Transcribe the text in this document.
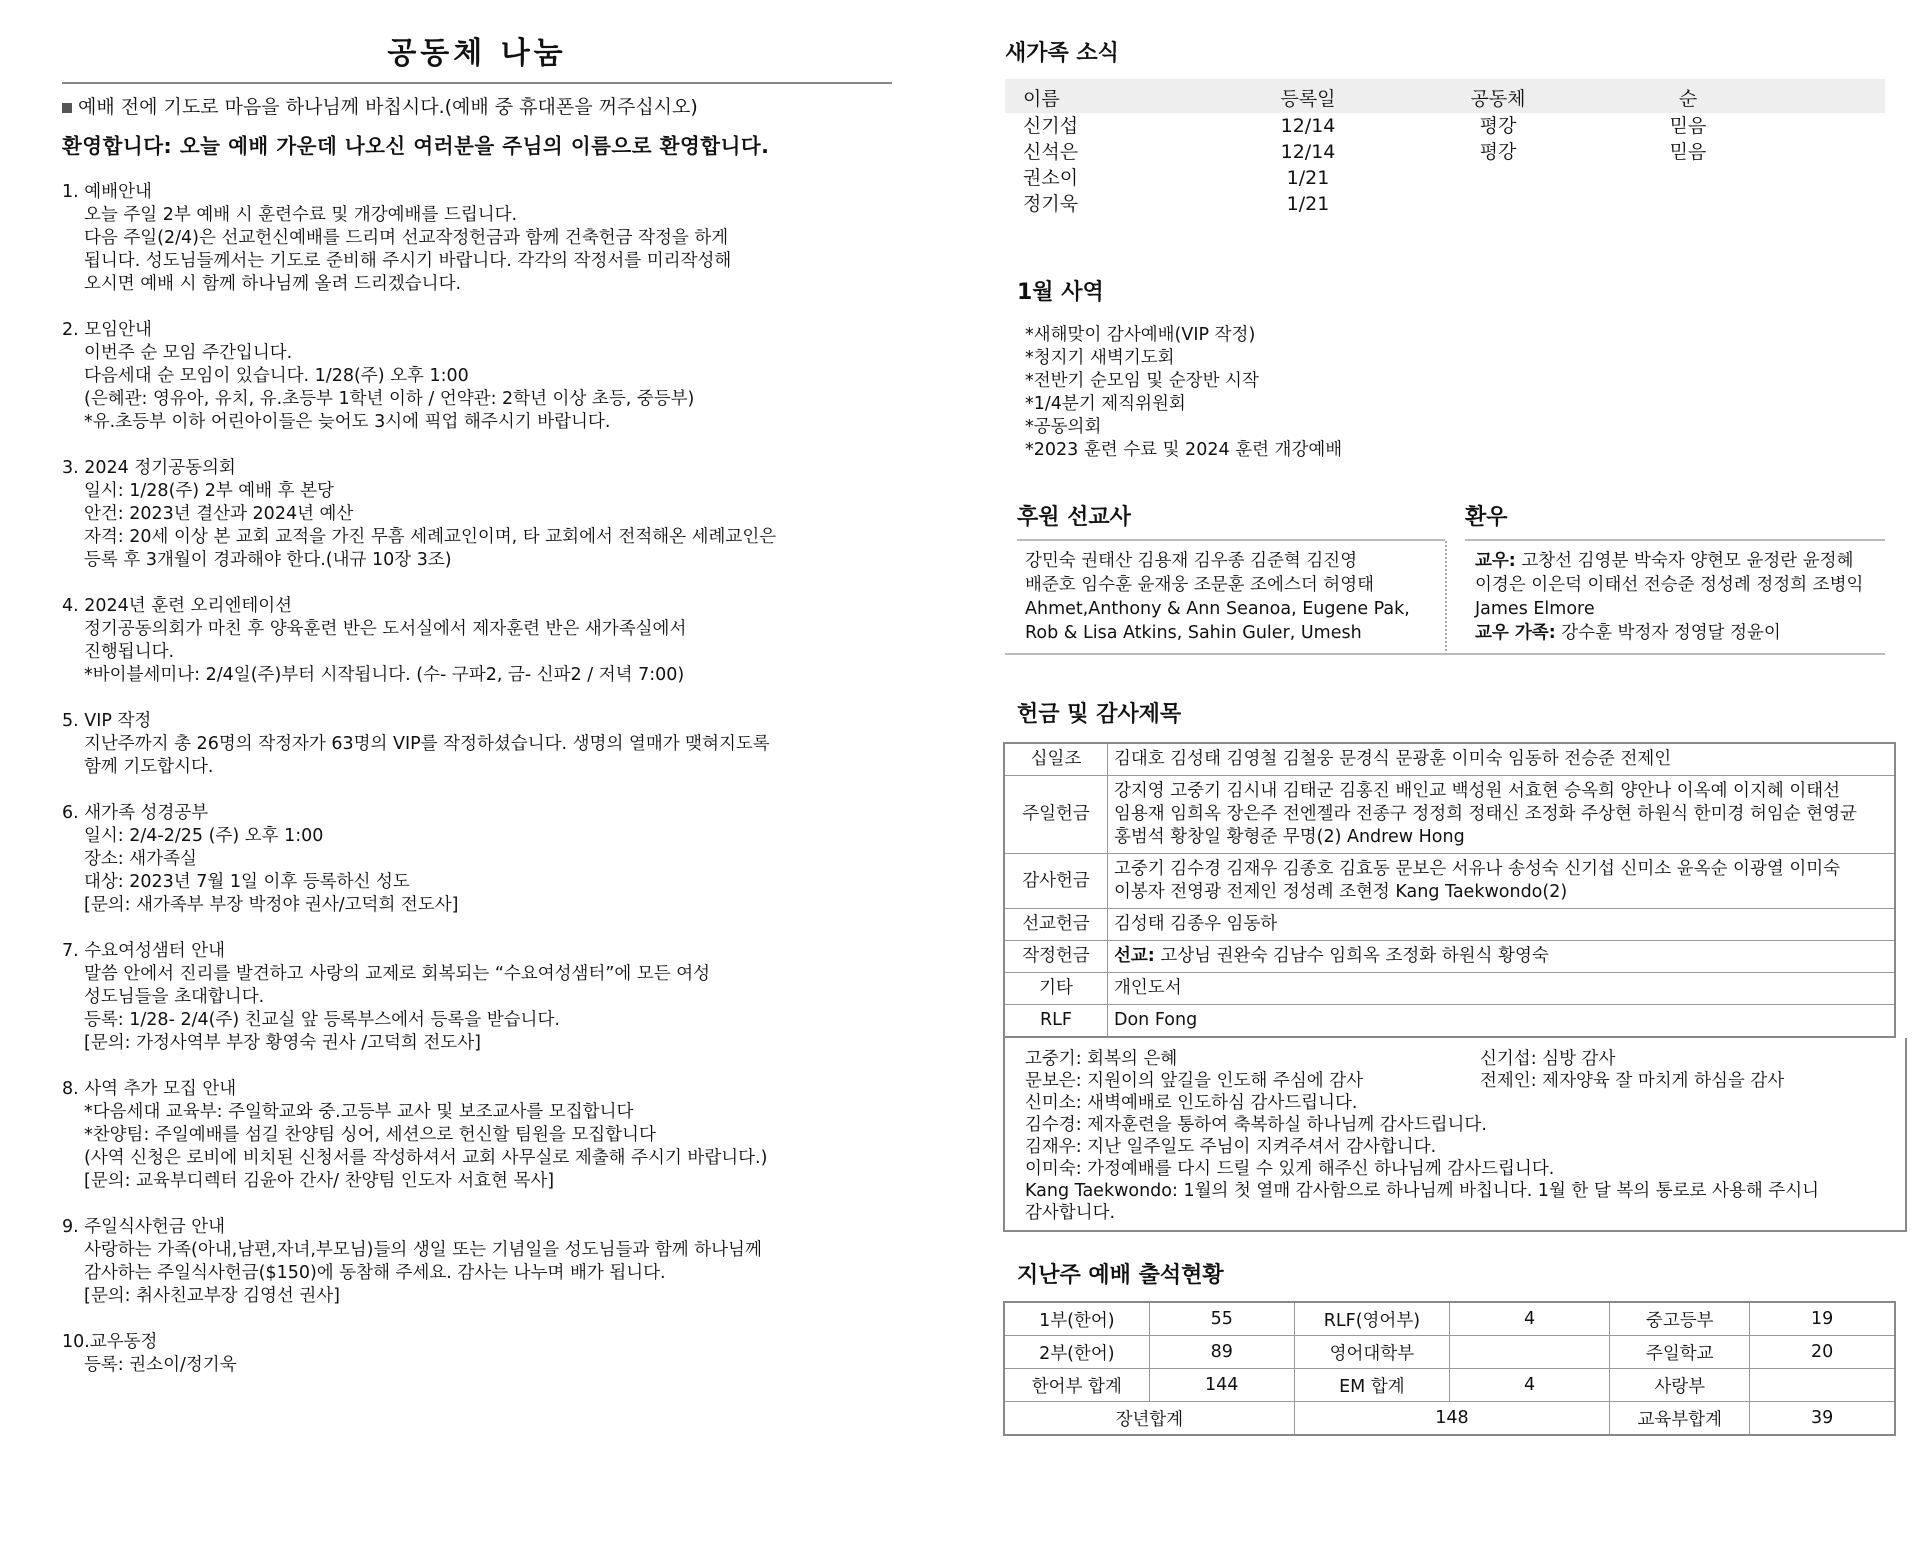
공동체 나눔
예배 전에 기도로 마음을 하나님께 바칩시다.(예배 중 휴대폰을 꺼주십시오)
환영합니다: 오늘 예배 가운데 나오신 여러분을 주님의 이름으로 환영합니다.
1. 예배안내
오늘 주일 2부 예배 시 훈련수료 및 개강예배를 드립니다.
다음 주일(2/4)은 선교헌신예배를 드리며 선교작정헌금과 함께 건축헌금 작정을 하게
됩니다. 성도님들께서는 기도로 준비해 주시기 바랍니다. 각각의 작정서를 미리작성해
오시면 예배 시 함께 하나님께 올려 드리겠습니다.
2. 모임안내
이번주 순 모임 주간입니다.
다음세대 순 모임이 있습니다. 1/28(주) 오후 1:00
(은혜관: 영유아, 유치, 유.초등부 1학년 이하 / 언약관: 2학년 이상 초등, 중등부)
*유.초등부 이하 어린아이들은 늦어도 3시에 픽업 해주시기 바랍니다.
3. 2024 정기공동의회
일시: 1/28(주) 2부 예배 후 본당
안건: 2023년 결산과 2024년 예산
자격: 20세 이상 본 교회 교적을 가진 무흠 세례교인이며, 타 교회에서 전적해온 세례교인은
등록 후 3개월이 경과해야 한다.(내규 10장 3조)
4. 2024년 훈련 오리엔테이션
정기공동의회가 마친 후 양육훈련 반은 도서실에서 제자훈련 반은 새가족실에서
진행됩니다.
*바이블세미나: 2/4일(주)부터 시작됩니다. (수- 구파2, 금- 신파2 / 저녁 7:00)
5. VIP 작정
지난주까지 총 26명의 작정자가 63명의 VIP를 작정하셨습니다. 생명의 열매가 맺혀지도록
함께 기도합시다.
6. 새가족 성경공부
일시: 2/4-2/25 (주) 오후 1:00
장소: 새가족실
대상: 2023년 7월 1일 이후 등록하신 성도
[문의: 새가족부 부장 박정야 권사/고덕희 전도사]
7. 수요여성샘터 안내
말씀 안에서 진리를 발견하고 사랑의 교제로 회복되는 “수요여성샘터”에 모든 여성
성도님들을 초대합니다.
등록: 1/28- 2/4(주) 친교실 앞 등록부스에서 등록을 받습니다.
[문의: 가정사역부 부장 황영숙 권사 /고덕희 전도사]
8. 사역 추가 모집 안내
*다음세대 교육부: 주일학교와 중.고등부 교사 및 보조교사를 모집합니다
*찬양팀: 주일예배를 섬길 찬양팀 싱어, 세션으로 헌신할 팀원을 모집합니다
(사역 신청은 로비에 비치된 신청서를 작성하셔서 교회 사무실로 제출해 주시기 바랍니다.)
[문의: 교육부디렉터 김윤아 간사/ 찬양팀 인도자 서효현 목사]
9. 주일식사헌금 안내
사랑하는 가족(아내,남편,자녀,부모님)들의 생일 또는 기념일을 성도님들과 함께 하나님께
감사하는 주일식사헌금($150)에 동참해 주세요. 감사는 나누며 배가 됩니다.
[문의: 취사친교부장 김영선 권사]
10.교우동정
등록: 권소이/정기욱
새가족 소식
이름	등록일	공동체	순	
신기섭	12/14	평강	믿음	
신석은	12/14	평강	믿음	
권소이	1/21			
정기욱	1/21			
1월 사역
*새해맞이 감사예배(VIP 작정)
*청지기 새벽기도회
*전반기 순모임 및 순장반 시작
*1/4분기 제직위원회
*공동의회
*2023 훈련 수료 및 2024 훈련 개강예배
후원 선교사
강민숙 권태산 김용재 김우종 김준혁 김진영
배준호 임수훈 윤재웅 조문훈 조에스더 허영태
Ahmet,Anthony & Ann Seanoa, Eugene Pak,
Rob & Lisa Atkins, Sahin Guler, Umesh
환우
교우: 고창선 김영분 박숙자 양현모 윤정란 윤정혜
이경은 이은덕 이태선 전승준 정성례 정정희 조병익
James Elmore
교우 가족: 강수훈 박정자 정영달 정윤이
헌금 및 감사제목
십일조	김대호 김성태 김영철 김철웅 문경식 문광훈 이미숙 임동하 전승준 전제인

주일헌금	강지영 고중기 김시내 김태군 김홍진 배인교 백성원 서효현 승옥희 양안나 이옥예 이지혜 이태선
임용재 임희옥 장은주 전엔젤라 전종구 정정희 정태신 조정화 주상현 하원식 한미경 허임순 현영균
홍범석 황창일 황형준 무명(2) Andrew Hong

감사헌금	고중기 김수경 김재우 김종호 김효동 문보은 서유나 송성숙 신기섭 신미소 윤옥순 이광열 이미숙
이봉자 전영광 전제인 정성례 조현정 Kang Taekwondo(2)

선교헌금	김성태 김종우 임동하

작정헌금	선교: 고상님 권완숙 김남수 임희옥 조정화 하원식 황영숙
기타	개인도서

RLF	Don Fong
고중기: 회복의 은혜	신기섭: 심방 감사
문보은: 지원이의 앞길을 인도해 주심에 감사	전제인: 제자양육 잘 마치게 하심을 감사
신미소: 새벽예배로 인도하심 감사드립니다.
김수경: 제자훈련을 통하여 축복하실 하나님께 감사드립니다.
김재우: 지난 일주일도 주님이 지켜주셔서 감사합니다.
이미숙: 가정예배를 다시 드릴 수 있게 해주신 하나님께 감사드립니다.
Kang Taekwondo: 1월의 첫 열매 감사함으로 하나님께 바칩니다. 1월 한 달 복의 통로로 사용해 주시니
감사합니다.
지난주 예배 출석현황
1부(한어)	55	RLF(영어부)	4	중고등부	19
2부(한어)	89	영어대학부		주일학교	20
한어부 합계	144	EM 합계	4	사랑부	
장년합계		148		교육부합계	39
